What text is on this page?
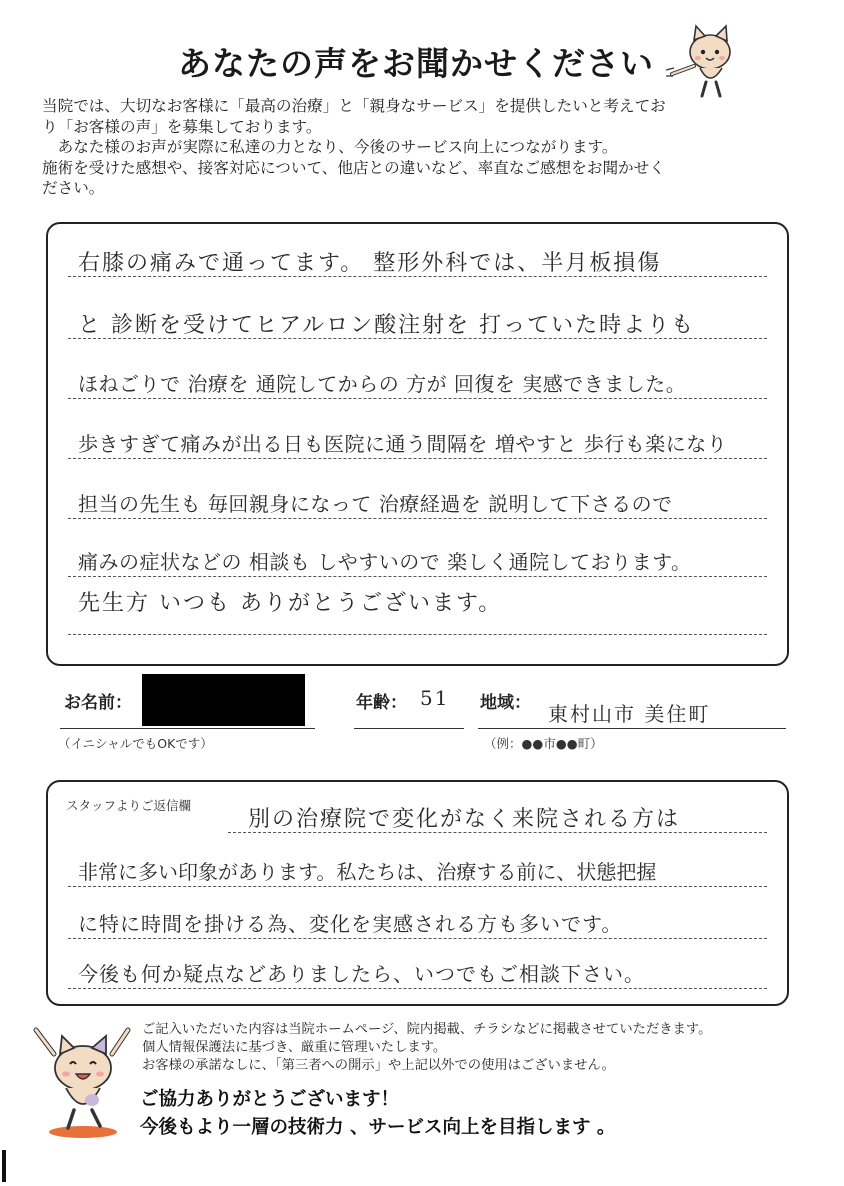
あなたの声をお聞かせください

当院では、大切なお客様に「最高の治療」と「親身なサービス」を提供したいと考えてお

り「お客様の声」を募集しております。

　あなた様のお声が実際に私達の力となり、今後のサービス向上につながります。

施術を受けた感想や、接客対応について、他店との違いなど、率直なご感想をお聞かせく

ださい。

右膝の痛みで通ってます。 整形外科では、半月板損傷
と 診断を受けてヒアルロン酸注射を 打っていた時よりも
ほねごりで 治療を 通院してからの 方が 回復を 実感できました。
歩きすぎて痛みが出る日も医院に通う間隔を 増やすと 歩行も楽になり
担当の先生も 毎回親身になって 治療経過を 説明して下さるので
痛みの症状などの 相談も しやすいので 楽しく通院しております。
先生方 いつも ありがとうございます。
お名前：	年齢： 51 地域： 東村山市 美住町
（イニシャルでもOKです）	（例：●●市●●町）
スタッフよりご返信欄
別の治療院で変化がなく来院される方は
非常に多い印象があります。私たちは、治療する前に、状態把握
に特に時間を掛ける為、変化を実感される方も多いです。
今後も何か疑点などありましたら、いつでもご相談下さい。

ご記入いただいた内容は当院ホームページ、院内掲載、チラシなどに掲載させていただきます。

個人情報保護法に基づき、厳重に管理いたします。

お客様の承諾なしに、「第三者への開示」や上記以外での使用はございません。

ご協力ありがとうございます！

今後もより一層の技術力 、サービス向上を目指します 。
